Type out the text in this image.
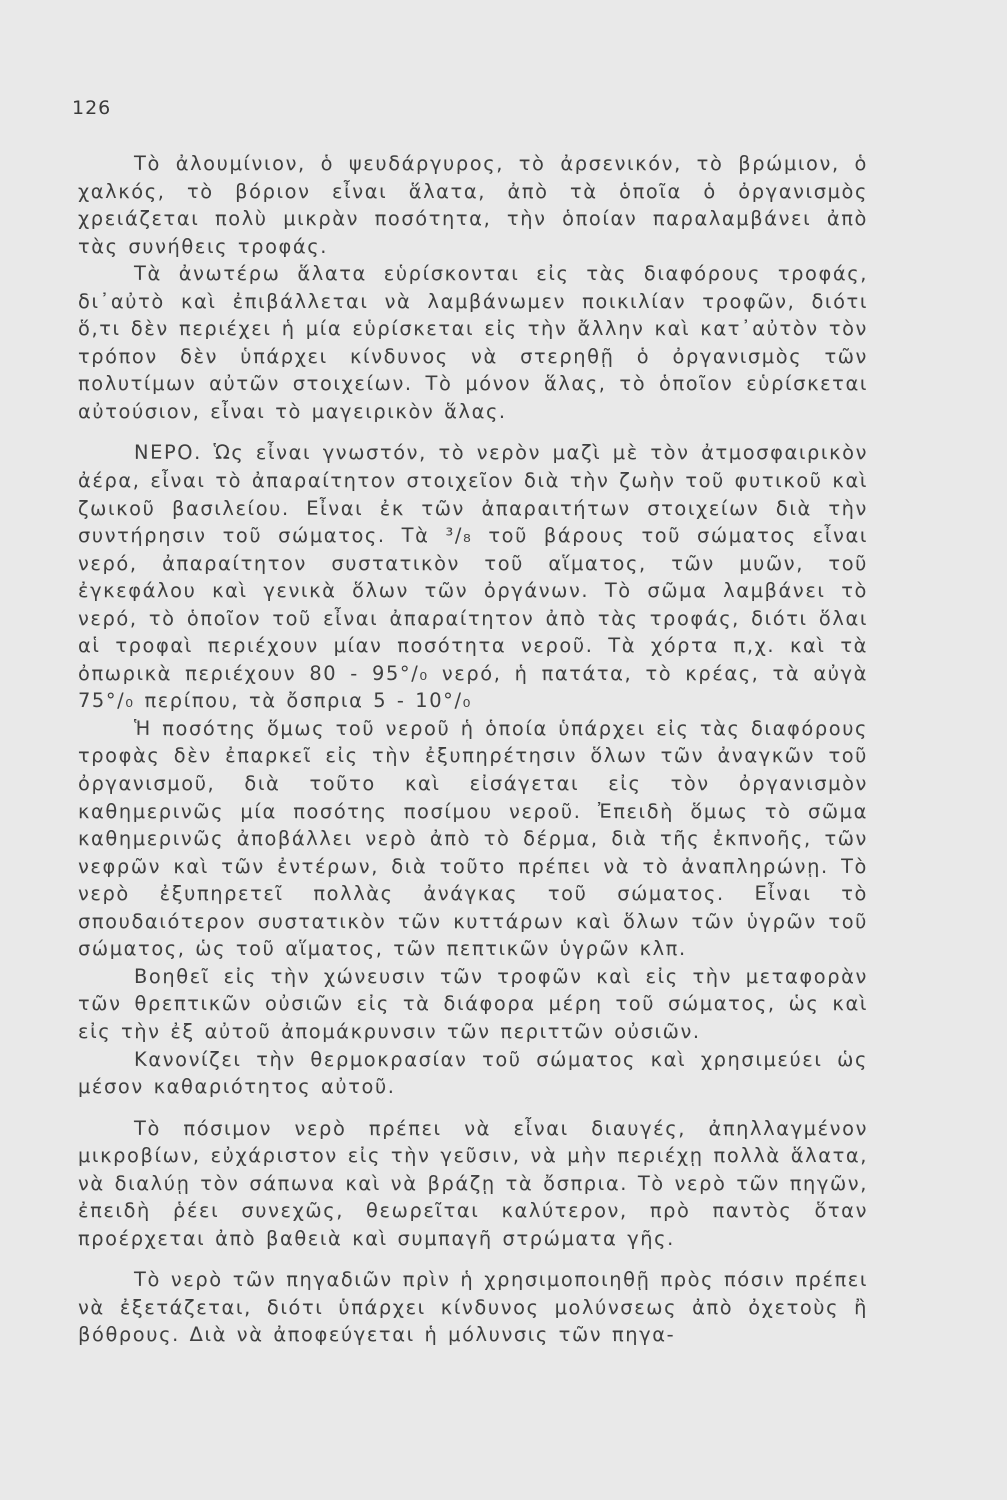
126

Τὸ ἀλουμίνιον, ὁ ψευδάργυρος, τὸ ἀρσενικόν, τὸ βρώμιον, ὁ χαλκός, τὸ βόριον εἶναι ἅλατα, ἀπὸ τὰ ὁποῖα ὁ ὀργανισμὸς χρειάζεται πολὺ μικρὰν ποσότητα, τὴν ὁποίαν παραλαμβάνει ἀπὸ τὰς συνήθεις τροφάς.

Τὰ ἀνωτέρω ἅλατα εὑρίσκονται εἰς τὰς διαφόρους τροφάς, δι᾽αὐτὸ καὶ ἐπιβάλλεται νὰ λαμβάνωμεν ποικιλίαν τροφῶν, διότι ὅ,τι δὲν περιέχει ἡ μία εὑρίσκεται εἰς τὴν ἄλλην καὶ κατ᾽αὐτὸν τὸν τρόπον δὲν ὑπάρχει κίνδυνος νὰ στερηθῇ ὁ ὀργανισμὸς τῶν πολυτίμων αὐτῶν στοιχείων. Τὸ μόνον ἅλας, τὸ ὁποῖον εὑρίσκεται αὐτούσιον, εἶναι τὸ μαγειρικὸν ἅλας.

ΝΕΡΟ. Ὡς εἶναι γνωστόν, τὸ νερὸν μαζὶ μὲ τὸν ἀτμοσφαιρικὸν ἀέρα, εἶναι τὸ ἀπαραίτητον στοιχεῖον διὰ τὴν ζωὴν τοῦ φυτικοῦ καὶ ζωικοῦ βασιλείου. Εἶναι ἐκ τῶν ἀπαραιτήτων στοιχείων διὰ τὴν συντήρησιν τοῦ σώματος. Τὰ ³/₈ τοῦ βάρους τοῦ σώματος εἶναι νερό, ἀπαραίτητον συστατικὸν τοῦ αἵματος, τῶν μυῶν, τοῦ ἐγκεφάλου καὶ γενικὰ ὅλων τῶν ὀργάνων. Τὸ σῶμα λαμβάνει τὸ νερό, τὸ ὁποῖον τοῦ εἶναι ἀπαραίτητον ἀπὸ τὰς τροφάς, διότι ὅλαι αἱ τροφαὶ περιέχουν μίαν ποσότητα νεροῦ. Τὰ χόρτα π,χ. καὶ τὰ ὀπωρικὰ περιέχουν 80 - 95°/₀ νερό, ἡ πατάτα, τὸ κρέας, τὰ αὐγὰ 75°/₀ περίπου, τὰ ὄσπρια 5 - 10°/₀

Ἡ ποσότης ὅμως τοῦ νεροῦ ἡ ὁποία ὑπάρχει εἰς τὰς διαφόρους τροφὰς δὲν ἐπαρκεῖ εἰς τὴν ἐξυπηρέτησιν ὅλων τῶν ἀναγκῶν τοῦ ὀργανισμοῦ, διὰ τοῦτο καὶ εἰσάγεται εἰς τὸν ὀργανισμὸν καθημερινῶς μία ποσότης ποσίμου νεροῦ. Ἐπειδὴ ὅμως τὸ σῶμα καθημερινῶς ἀποβάλλει νερὸ ἀπὸ τὸ δέρμα, διὰ τῆς ἐκπνοῆς, τῶν νεφρῶν καὶ τῶν ἐντέρων, διὰ τοῦτο πρέπει νὰ τὸ ἀναπληρώνῃ. Τὸ νερὸ ἐξυπηρετεῖ πολλὰς ἀνάγκας τοῦ σώματος. Εἶναι τὸ σπουδαιότερον συστατικὸν τῶν κυττάρων καὶ ὅλων τῶν ὑγρῶν τοῦ σώματος, ὡς τοῦ αἵματος, τῶν πεπτικῶν ὑγρῶν κλπ.

Βοηθεῖ εἰς τὴν χώνευσιν τῶν τροφῶν καὶ εἰς τὴν μεταφορὰν τῶν θρεπτικῶν οὐσιῶν εἰς τὰ διάφορα μέρη τοῦ σώματος, ὡς καὶ εἰς τὴν ἐξ αὐτοῦ ἀπομάκρυνσιν τῶν περιττῶν οὐσιῶν.

Κανονίζει τὴν θερμοκρασίαν τοῦ σώματος καὶ χρησιμεύει ὡς μέσον καθαριότητος αὐτοῦ.

Τὸ πόσιμον νερὸ πρέπει νὰ εἶναι διαυγές, ἀπηλλαγμένον μικροβίων, εὐχάριστον εἰς τὴν γεῦσιν, νὰ μὴν περιέχῃ πολλὰ ἅλατα, νὰ διαλύῃ τὸν σάπωνα καὶ νὰ βράζῃ τὰ ὄσπρια. Τὸ νερὸ τῶν πηγῶν, ἐπειδὴ ῥέει συνεχῶς, θεωρεῖται καλύτερον, πρὸ παντὸς ὅταν προέρχεται ἀπὸ βαθειὰ καὶ συμπαγῆ στρώματα γῆς.

Τὸ νερὸ τῶν πηγαδιῶν πρὶν ἡ χρησιμοποιηθῇ πρὸς πόσιν πρέπει νὰ ἐξετάζεται, διότι ὑπάρχει κίνδυνος μολύνσεως ἀπὸ ὀχετοὺς ἢ βόθρους. Διὰ νὰ ἀποφεύγεται ἡ μόλυνσις τῶν πηγα-
